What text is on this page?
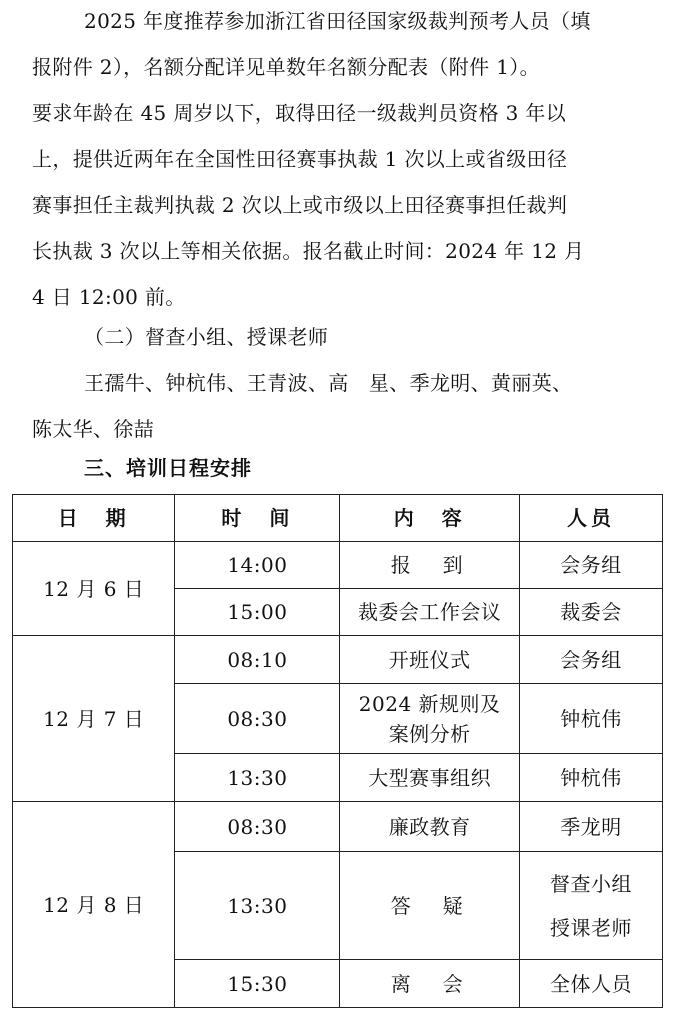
2025 年度推荐参加浙江省田径国家级裁判预考人员（填
报附件 2），名额分配详见单数年名额分配表（附件 1）。
要求年龄在 45 周岁以下，取得田径一级裁判员资格 3 年以
上，提供近两年在全国性田径赛事执裁 1 次以上或省级田径
赛事担任主裁判执裁 2 次以上或市级以上田径赛事担任裁判
长执裁 3 次以上等相关依据。报名截止时间：2024 年 12 月
4 日 12:00 前。
（二）督查小组、授课老师
王孺牛、钟杭伟、王青波、高　星、季龙明、黄丽英、
陈太华、徐喆
三、培训日程安排
日　期	时　间	内　容	人员
12 月 6 日	14:00	报　到	会务组
	15:00	裁委会工作会议	裁委会
12 月 7 日	08:10	开班仪式	会务组
	08:30	2024 新规则及
案例分析	钟杭伟
	13:30	大型赛事组织	钟杭伟
12 月 8 日	08:30	廉政教育	季龙明
	13:30	答　疑	督查小组
授课老师

	15:30	离　会	全体人员
